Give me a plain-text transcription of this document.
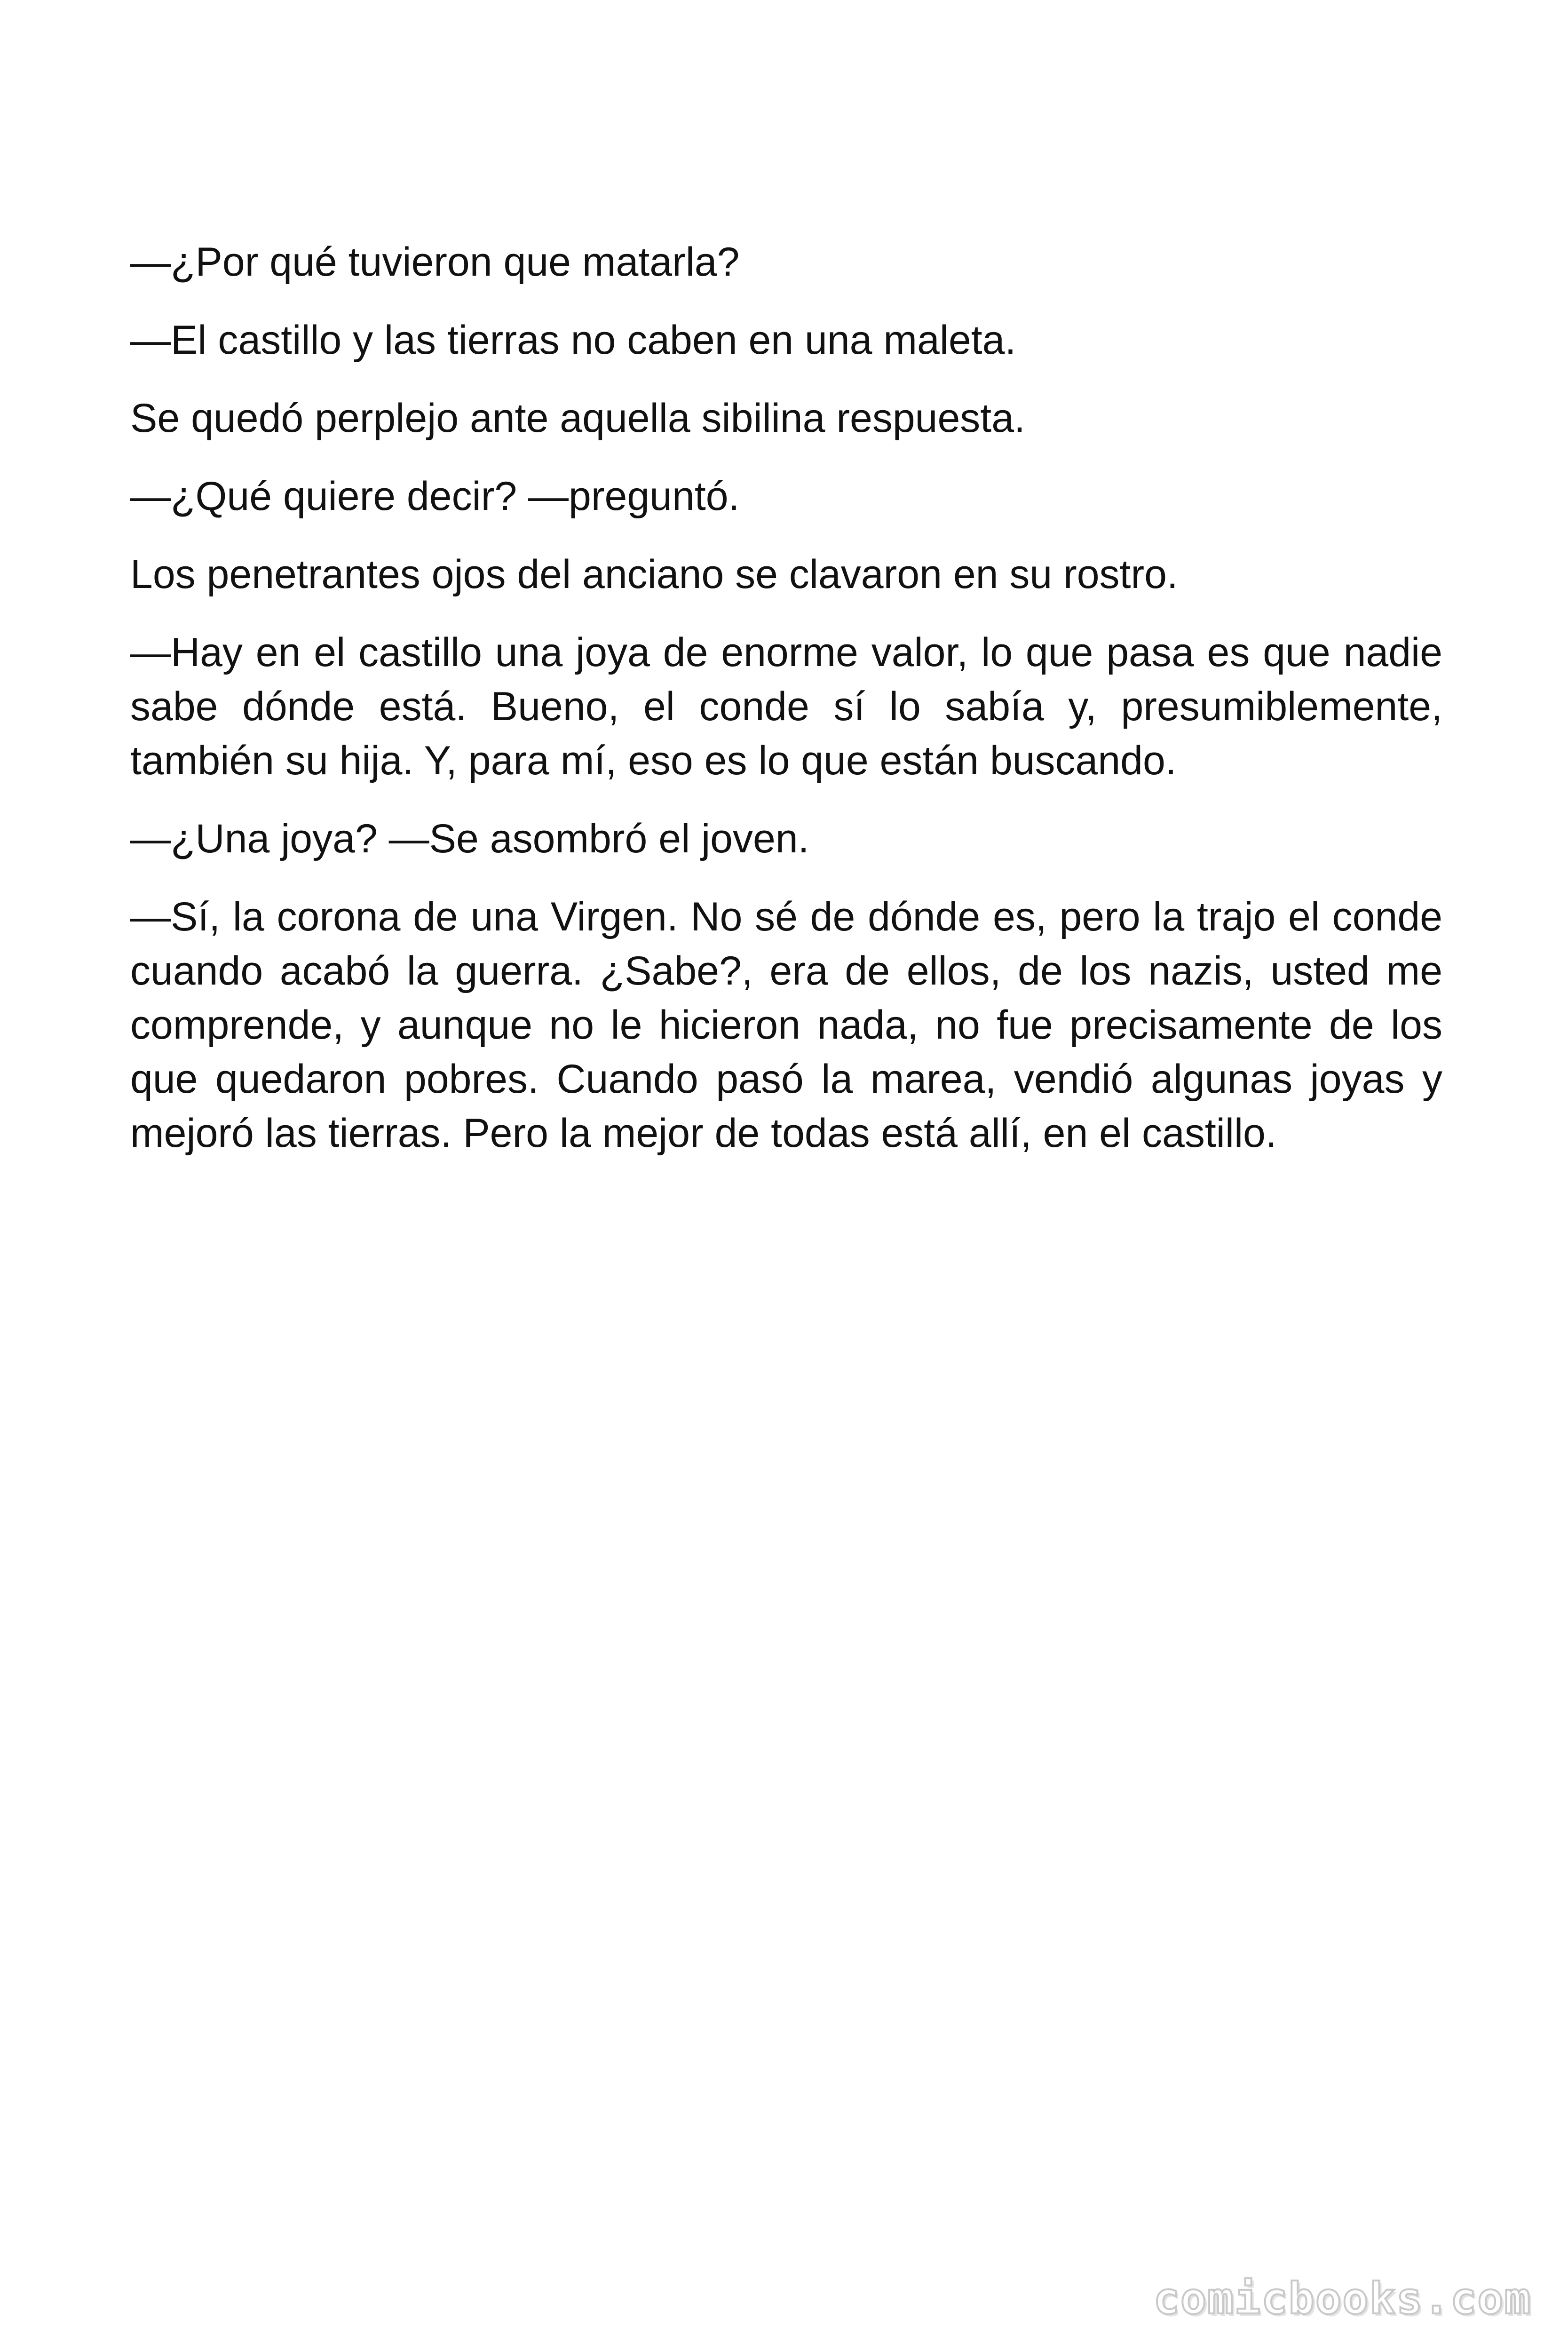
—¿Por qué tuvieron que matarla?

—El castillo y las tierras no caben en una maleta.

Se quedó perplejo ante aquella sibilina respuesta.

—¿Qué quiere decir? —preguntó.

Los penetrantes ojos del anciano se clavaron en su rostro.

—Hay en el castillo una joya de enorme valor, lo que pasa es que nadie sabe dónde está. Bueno, el conde sí lo sabía y, presumiblemente, también su hija. Y, para mí, eso es lo que están buscando.

—¿Una joya? —Se asombró el joven.

—Sí, la corona de una Virgen. No sé de dónde es, pero la trajo el conde cuando acabó la guerra. ¿Sabe?, era de ellos, de los nazis, usted me comprende, y aunque no le hicieron nada, no fue precisamente de los que quedaron pobres. Cuando pasó la marea, vendió algunas joyas y mejoró las tierras. Pero la mejor de todas está allí, en el castillo.

comicbooks.com
